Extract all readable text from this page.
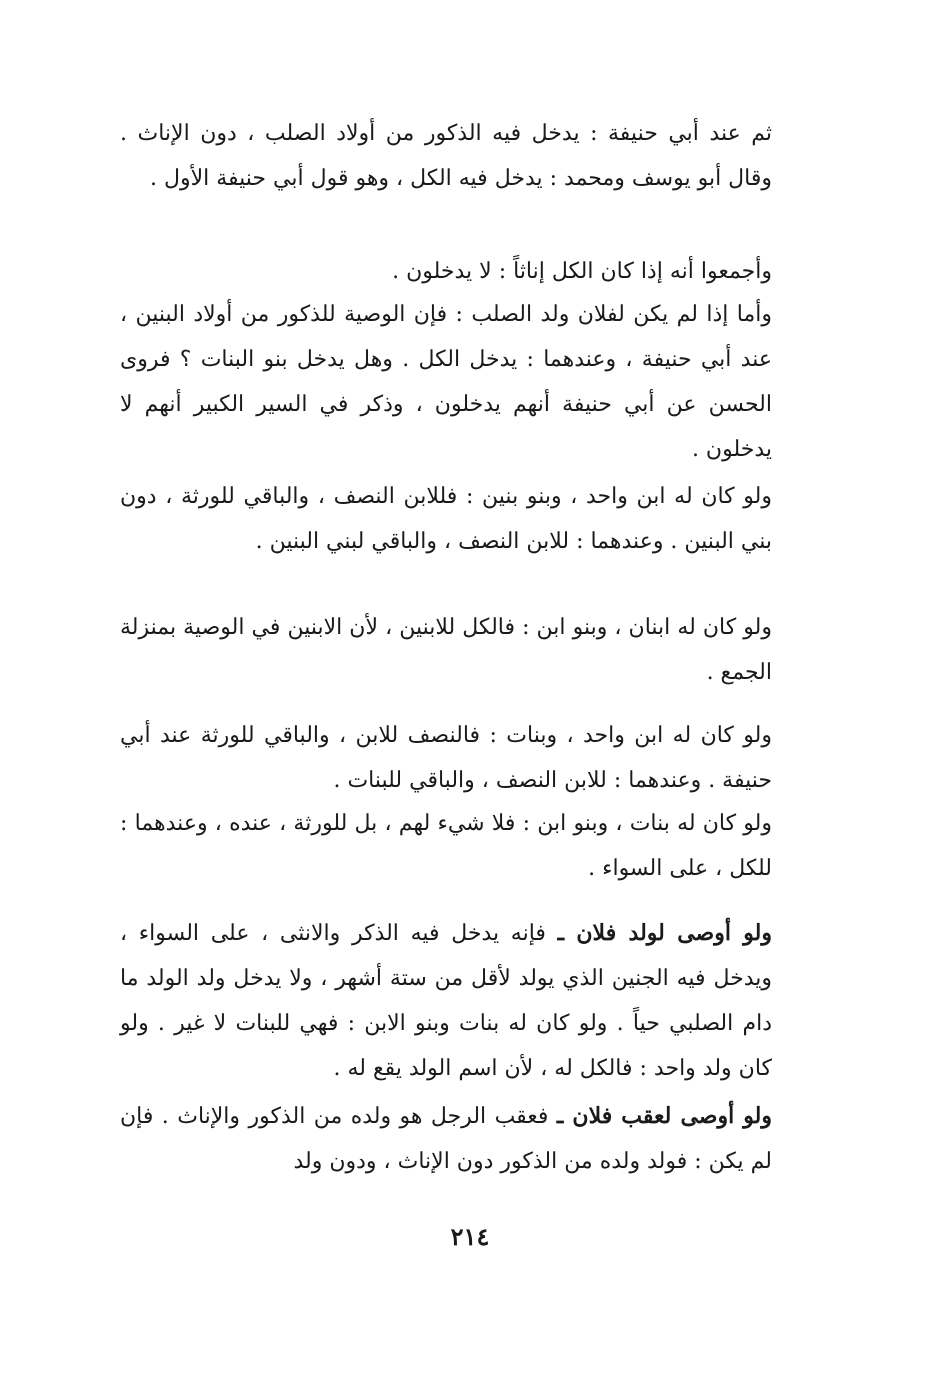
ثم عند أبي حنيفة : يدخل فيه الذكور من أولاد الصلب ، دون الإناث . وقال أبو يوسف ومحمد : يدخل فيه الكل ، وهو قول أبي حنيفة الأول .

وأجمعوا أنه إذا كان الكل إناثاً : لا يدخلون .

وأما إذا لم يكن لفلان ولد الصلب : فإن الوصية للذكور من أولاد البنين ، عند أبي حنيفة ، وعندهما : يدخل الكل . وهل يدخل بنو البنات ؟ فروى الحسن عن أبي حنيفة أنهم يدخلون ، وذكر في السير الكبير أنهم لا يدخلون .

ولو كان له ابن واحد ، وبنو بنين : فللابن النصف ، والباقي للورثة ، دون بني البنين . وعندهما : للابن النصف ، والباقي لبني البنين .

ولو كان له ابنان ، وبنو ابن : فالكل للابنين ، لأن الابنين في الوصية بمنزلة الجمع .

ولو كان له ابن واحد ، وبنات : فالنصف للابن ، والباقي للورثة عند أبي حنيفة . وعندهما : للابن النصف ، والباقي للبنات .

ولو كان له بنات ، وبنو ابن : فلا شيء لهم ، بل للورثة ، عنده ، وعندهما : للكل ، على السواء .

ولو أوصى لولد فلان ـ فإنه يدخل فيه الذكر والانثى ، على السواء ، ويدخل فيه الجنين الذي يولد لأقل من ستة أشهر ، ولا يدخل ولد الولد ما دام الصلبي حياً . ولو كان له بنات وبنو الابن : فهي للبنات لا غير . ولو كان ولد واحد : فالكل له ، لأن اسم الولد يقع له .

ولو أوصى لعقب فلان ـ فعقب الرجل هو ولده من الذكور والإناث . فإن لم يكن : فولد ولده من الذكور دون الإناث ، ودون ولد

٢١٤
